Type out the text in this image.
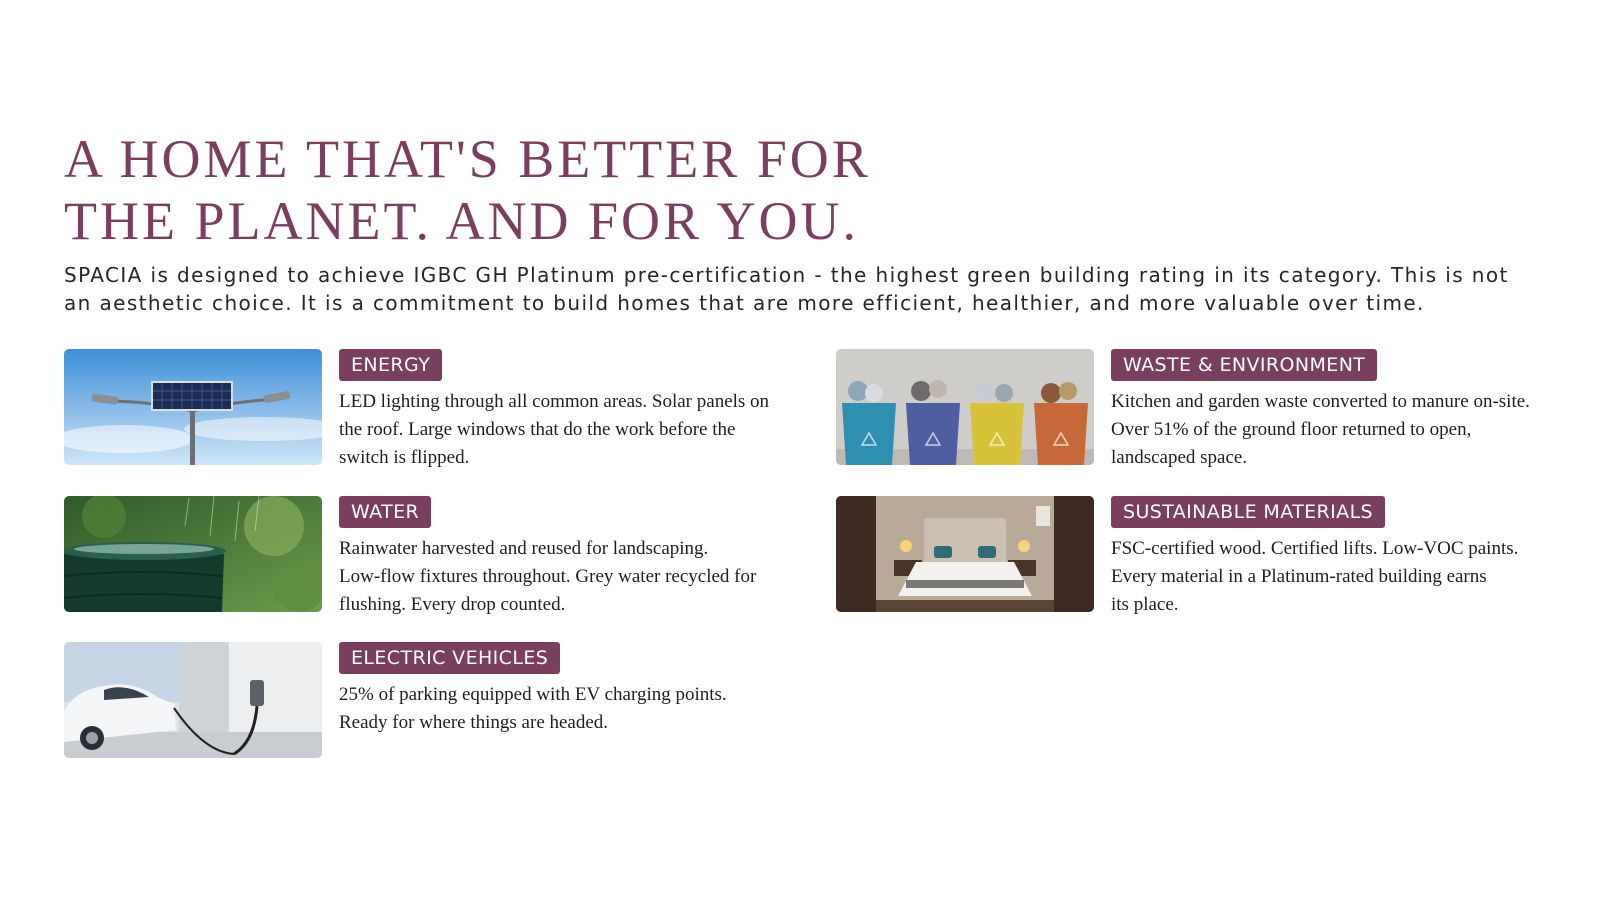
A HOME THAT'S BETTER FOR
THE PLANET. AND FOR YOU.

SPACIA is designed to achieve IGBC GH Platinum pre-certification - the highest green building rating in its category. This is not an aesthetic choice. It is a commitment to build homes that are more efficient, healthier, and more valuable over time.

ENERGY
LED lighting through all common areas. Solar panels on
the roof. Large windows that do the work before the
switch is flipped.
WATER
Rainwater harvested and reused for landscaping.
Low-flow fixtures throughout. Grey water recycled for
flushing. Every drop counted.
ELECTRIC VEHICLES
25% of parking equipped with EV charging points.
Ready for where things are headed.
WASTE & ENVIRONMENT
Kitchen and garden waste converted to manure on-site.
Over 51% of the ground floor returned to open,
landscaped space.
SUSTAINABLE MATERIALS
FSC-certified wood. Certified lifts. Low-VOC paints.
Every material in a Platinum-rated building earns
its place.
